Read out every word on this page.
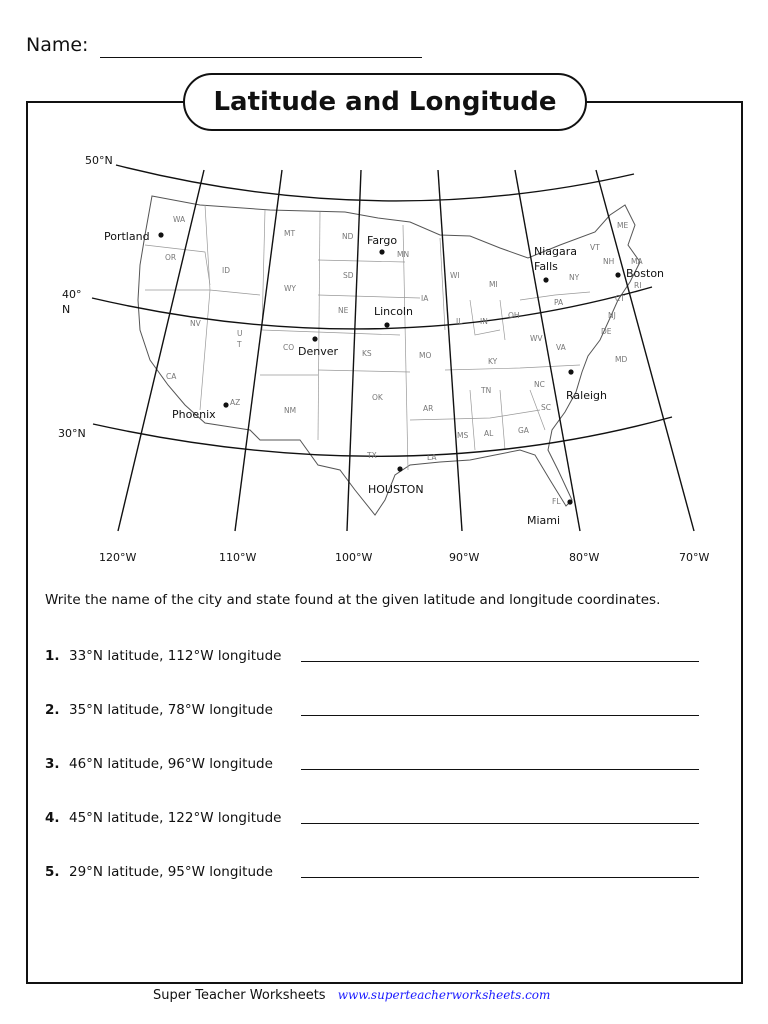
Name:
Latitude and Longitude
50°N
40°
N
30°N
120°W	110°W	100°W	90°W	80°W	70°W
WA
OR
ID
MT
WY
ND
SD
MN
NE
IA
WI
MI
NY
VT
NH
ME
MA
RI
CT
PA
NJ
DE
MD
OH
IN
IL
WV
VA
KY
TN
NC
SC
GA
AL
MS
AR
LA
OK
KS	MO
TX
NM
AZ
CO
U
T
NV
CA
FL
Portland	Fargo
Niagara
Falls
Boston
Lincoln
Denver
Raleigh
Phoenix
HOUSTON
Miami
Write the name of the city and state found at the given latitude and longitude coordinates.
1. 33°N latitude, 112°W longitude
2. 35°N latitude, 78°W longitude
3. 46°N latitude, 96°W longitude
4. 45°N latitude, 122°W longitude
5. 29°N latitude, 95°W longitude
Super Teacher Worksheets www.superteacherworksheets.com
